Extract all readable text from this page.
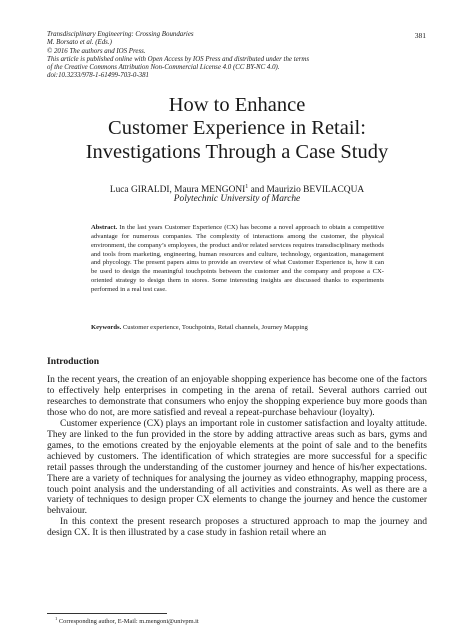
Transdisciplinary Engineering: Crossing Boundaries
M. Borsato et al. (Eds.)
© 2016 The authors and IOS Press.
This article is published online with Open Access by IOS Press and distributed under the terms
of the Creative Commons Attribution Non-Commercial License 4.0 (CC BY-NC 4.0).
doi:10.3233/978-1-61499-703-0-381
381
How to Enhance
Customer Experience in Retail:
Investigations Through a Case Study
Luca GIRALDI, Maura MENGONI$^1$ and Maurizio BEVILACQUA
Polytechnic University of Marche
Abstract. In the last years Customer Experience (CX) has become a novel approach to obtain a competitive advantage for numerous companies. The complexity of interactions among the customer, the physical environment, the company’s employees, the product and/or related services requires transdisciplinary methods and tools from marketing, engineering, human resources and culture, technology, organization, management and phycology. The present papers aims to provide an overview of what Customer Experience is, how it can be used to design the meaningful touchpoints between the customer and the company and propose a CX-oriented strategy to design them in stores. Some interesting insights are discussed thanks to experiments performed in a real test case.
Keywords. Customer experience, Touchpoints, Retail channels, Journey Mapping
Introduction

In the recent years, the creation of an enjoyable shopping experience has become one of the factors to effectively help enterprises in competing in the arena of retail. Several authors carried out researches to demonstrate that consumers who enjoy the shopping experience buy more goods than those who do not, are more satisfied and reveal a repeat-purchase behaviour (loyalty).

Customer experience (CX) plays an important role in customer satisfaction and loyalty attitude. They are linked to the fun provided in the store by adding attractive areas such as bars, gyms and games, to the emotions created by the enjoyable elements at the point of sale and to the benefits achieved by customers. The identification of which strategies are more successful for a specific retail passes through the understanding of the customer journey and hence of his/her expectations. There are a variety of techniques for analysing the journey as video ethnography, mapping process, touch point analysis and the understanding of all activities and constraints. As well as there are a variety of techniques to design proper CX elements to change the journey and hence the customer behvaiour.

In this context the present research proposes a structured approach to map the journey and design CX. It is then illustrated by a case study in fashion retail where an

$^1$ Corresponding author, E-Mail: m.mengoni@univpm.it
